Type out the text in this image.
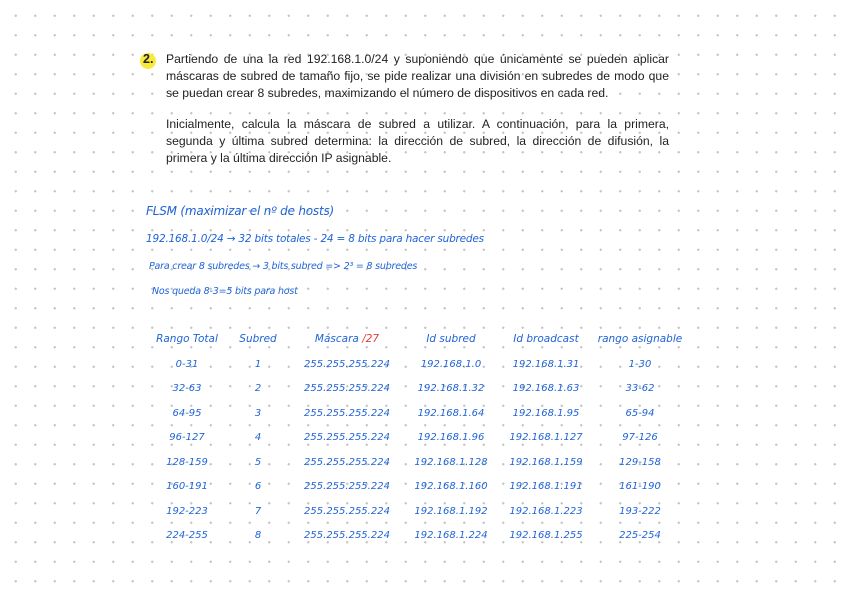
2. Partiendo de una la red 192.168.1.0/24 y suponiendo que únicamente se pueden aplicar máscaras de subred de tamaño fijo, se pide realizar una división en subredes de modo que se puedan crear 8 subredes, maximizando el número de dispositivos en cada red.

Inicialmente, calcula la máscara de subred a utilizar. A continuación, para la primera, segunda y última subred determina: la dirección de subred, la dirección de difusión, la primera y la última dirección IP asignable.

FLSM (maximizar el nº de hosts)
192.168.1.0/24 → 32 bits totales - 24 = 8 bits para hacer subredes
Para crear 8 subredes → 3 bits subred => 2³ = 8 subredes
Nos queda 8-3=5 bits para host
Rango Total	Subred	Máscara /27	Id subred	Id broadcast	rango asignable
0-31	1	255.255.255.224	192.168.1.0	192.168.1.31	1-30
32-63	2	255.255.255.224	192.168.1.32	192.168.1.63	33-62
64-95	3	255.255.255.224	192.168.1.64	192.168.1.95	65-94
96-127	4	255.255.255.224	192.168.1.96	192.168.1.127	97-126
128-159	5	255.255.255.224	192.168.1.128	192.168.1.159	129-158
160-191	6	255.255.255.224	192.168.1.160	192.168.1.191	161-190
192-223	7	255.255.255.224	192.168.1.192	192.168.1.223	193-222
224-255	8	255.255.255.224	192.168.1.224	192.168.1.255	225-254
